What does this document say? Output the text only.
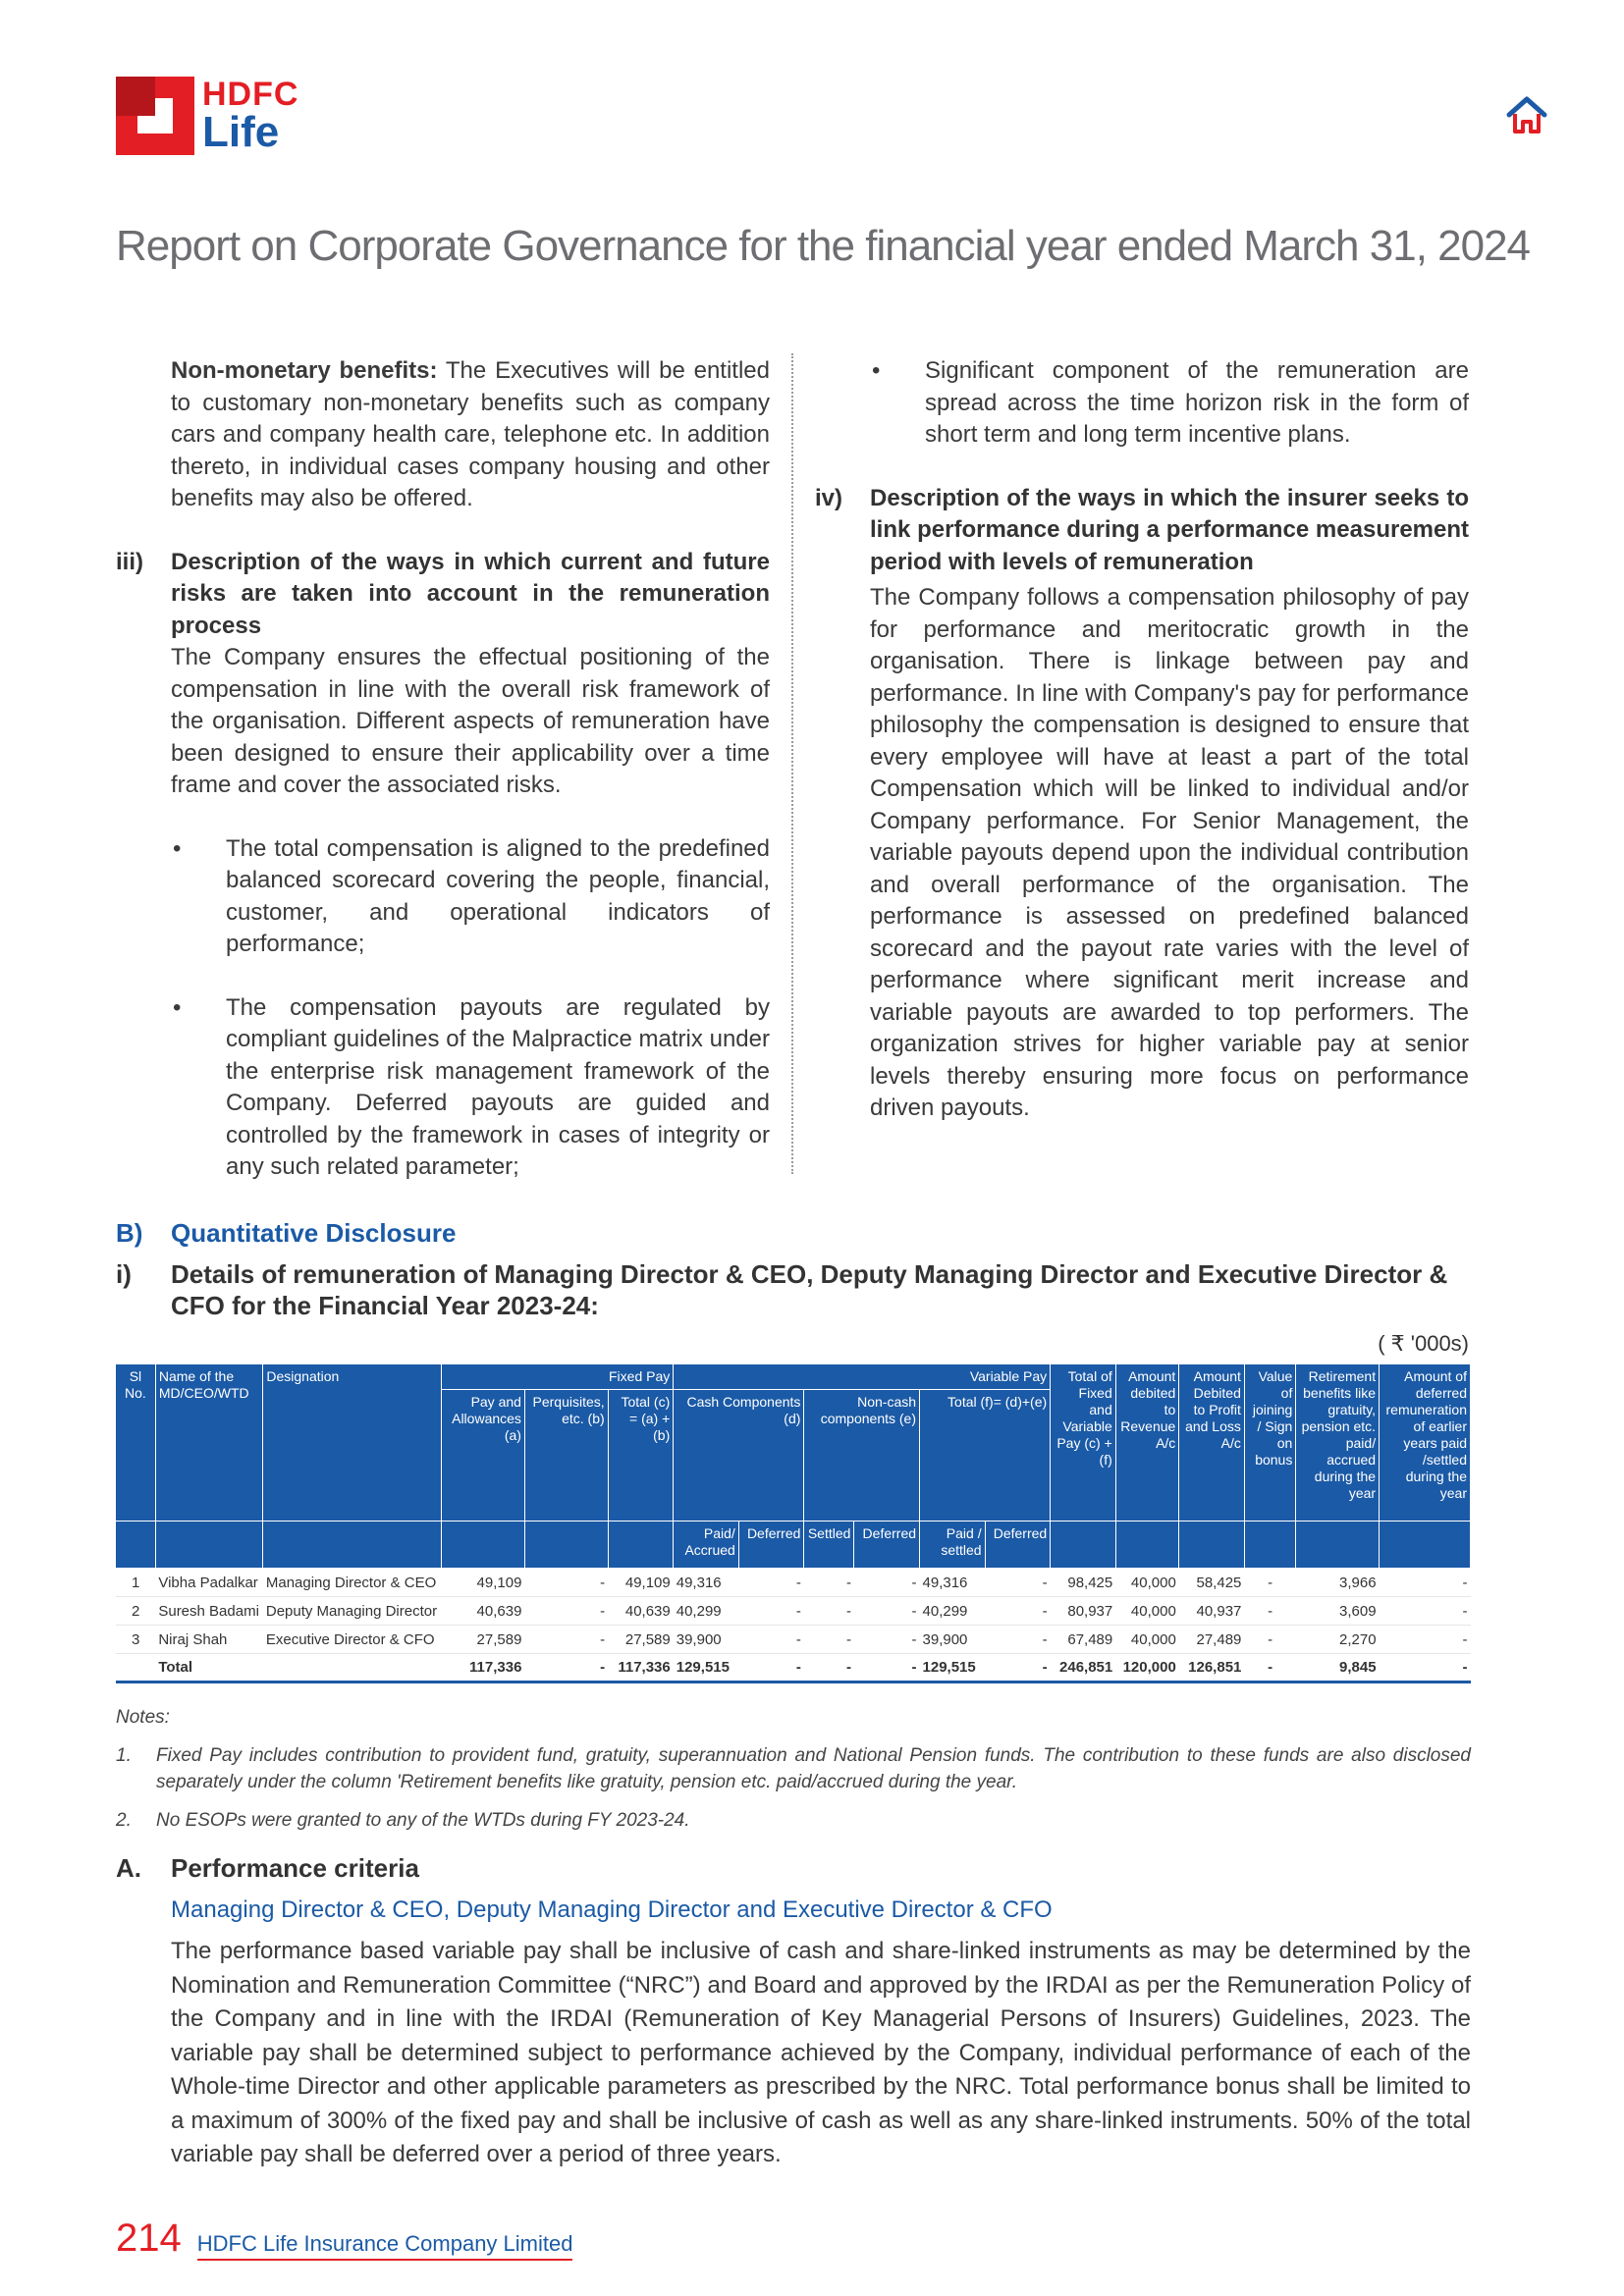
HDFC
Life
Report on Corporate Governance for the financial year ended March 31, 2024

Non-monetary benefits: The Executives will be entitled to customary non-monetary benefits such as company cars and company health care, telephone etc. In addition thereto, in individual cases company housing and other benefits may also be offered.

iii)	Description of the ways in which current and future risks are taken into account in the remuneration process

The Company ensures the effectual positioning of the compensation in line with the overall risk framework of the organisation. Different aspects of remuneration have been designed to ensure their applicability over a time frame and cover the associated risks.

•	The total compensation is aligned to the predefined balanced scorecard covering the people, financial, customer, and operational indicators of performance;
•	The compensation payouts are regulated by compliant guidelines of the Malpractice matrix under the enterprise risk management framework of the Company. Deferred payouts are guided and controlled by the framework in cases of integrity or any such related parameter;
•	Significant component of the remuneration are spread across the time horizon risk in the form of short term and long term incentive plans.
iv)	Description of the ways in which the insurer seeks to link performance during a performance measurement period with levels of remuneration

The Company follows a compensation philosophy of pay for performance and meritocratic growth in the organisation. There is linkage between pay and performance. In line with Company's pay for performance philosophy the compensation is designed to ensure that every employee will have at least a part of the total Compensation which will be linked to individual and/or Company performance. For Senior Management, the variable payouts depend upon the individual contribution and overall performance of the organisation. The performance is assessed on predefined balanced scorecard and the payout rate varies with the level of performance where significant merit increase and variable payouts are awarded to top performers. The organization strives for higher variable pay at senior levels thereby ensuring more focus on performance driven payouts.

B)	Quantitative Disclosure
i)	Details of remuneration of Managing Director & CEO, Deputy Managing Director and Executive Director & CFO for the Financial Year 2023-24:
( ₹ '000s)
Sl No.	Name of the MD/CEO/WTD	Designation	Fixed Pay			Variable Pay						Total of Fixed and Variable Pay (c) +(f)	Amount debited to Revenue A/c	Amount Debited to Profit and Loss A/c	Value of joining / Sign on bonus	Retirement benefits like gratuity, pension etc. paid/ accrued during the year	Amount of deferred remuneration of earlier years paid /settled during the year
			Pay and Allowances (a)	Perquisites, etc. (b)	Total (c) = (a) + (b)	Cash Components (d)		Non-cash components (e)		Total (f)= (d)+(e)							
						Paid/ Accrued	Deferred	Settled	Deferred	Paid / settled	Deferred						
1	Vibha Padalkar	Managing Director & CEO	49,109	-	49,109	49,316	-	-	-	49,316	-	98,425	40,000	58,425	-	3,966	-
2	Suresh Badami	Deputy Managing Director	40,639	-	40,639	40,299	-	-	-	40,299	-	80,937	40,000	40,937	-	3,609	-
3	Niraj Shah	Executive Director & CFO	27,589	-	27,589	39,900	-	-	-	39,900	-	67,489	40,000	27,489	-	2,270	-
	Total		117,336	-	117,336	129,515	-	-	-	129,515	-	246,851	120,000	126,851	-	9,845	-
Notes:
1.	Fixed Pay includes contribution to provident fund, gratuity, superannuation and National Pension funds. The contribution to these funds are also disclosed separately under the column 'Retirement benefits like gratuity, pension etc. paid/accrued during the year.
2.	No ESOPs were granted to any of the WTDs during FY 2023-24.
A.	Performance criteria
Managing Director & CEO, Deputy Managing Director and Executive Director & CFO

The performance based variable pay shall be inclusive of cash and share-linked instruments as may be determined by the Nomination and Remuneration Committee (“NRC”) and Board and approved by the IRDAI as per the Remuneration Policy of the Company and in line with the IRDAI (Remuneration of Key Managerial Persons of Insurers) Guidelines, 2023. The variable pay shall be determined subject to performance achieved by the Company, individual performance of each of the Whole-time Director and other applicable parameters as prescribed by the NRC. Total performance bonus shall be limited to a maximum of 300% of the fixed pay and shall be inclusive of cash as well as any share-linked instruments. 50% of the total variable pay shall be deferred over a period of three years.

214 HDFC Life Insurance Company Limited
